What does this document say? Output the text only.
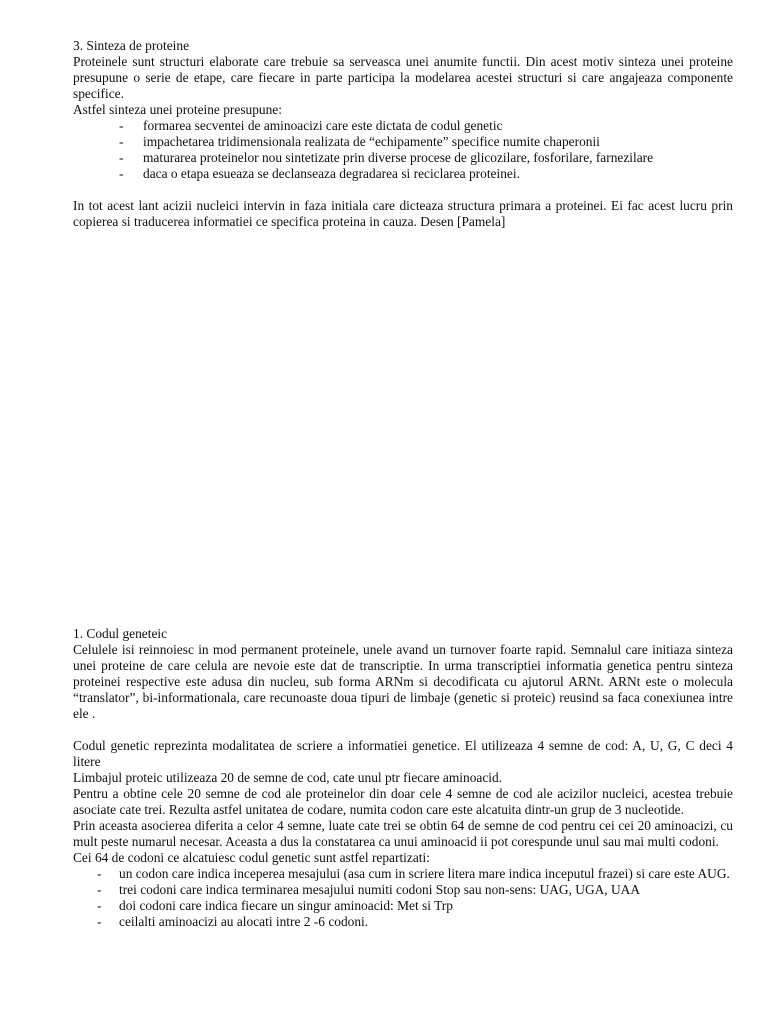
3. Sinteza de proteine

Proteinele sunt structuri elaborate care trebuie sa serveasca unei anumite functii. Din acest motiv sinteza unei proteine presupune o serie de etape, care fiecare in parte participa la modelarea acestei structuri si care angajeaza componente specifice.

Astfel sinteza unei proteine presupune:

- formarea secventei de aminoacizi care este dictata de codul genetic
- impachetarea tridimensionala realizata de “echipamente” specifice numite chaperonii
- maturarea proteinelor nou sintetizate prin diverse procese de glicozilare, fosforilare, farnezilare
- daca o etapa esueaza se declanseaza degradarea si reciclarea proteinei.

In tot acest lant acizii nucleici intervin in faza initiala care dicteaza structura primara a proteinei. Ei fac acest lucru prin copierea si traducerea informatiei ce specifica proteina in cauza. Desen [Pamela]

1. Codul geneteic

Celulele isi reinnoiesc in mod permanent proteinele, unele avand un turnover foarte rapid. Semnalul care initiaza sinteza unei proteine de care celula are nevoie este dat de transcriptie. In urma transcriptiei informatia genetica pentru sinteza proteinei respective este adusa din nucleu, sub forma ARNm si decodificata cu ajutorul ARNt. ARNt este o molecula “translator”, bi-informationala, care recunoaste doua tipuri de limbaje (genetic si proteic) reusind sa faca conexiunea intre ele .

Codul genetic reprezinta modalitatea de scriere a informatiei genetice. El utilizeaza 4 semne de cod: A, U, G, C deci 4 litere

Limbajul proteic utilizeaza 20 de semne de cod, cate unul ptr fiecare aminoacid.

Pentru a obtine cele 20 semne de cod ale proteinelor din doar cele 4 semne de cod ale acizilor nucleici, acestea trebuie asociate cate trei. Rezulta astfel unitatea de codare, numita codon care este alcatuita dintr-un grup de 3 nucleotide.

Prin aceasta asocierea diferita a celor 4 semne, luate cate trei se obtin 64 de semne de cod pentru cei cei 20 aminoacizi, cu mult peste numarul necesar. Aceasta a dus la constatarea ca unui aminoacid ii pot corespunde unul sau mai multi codoni.

Cei 64 de codoni ce alcatuiesc codul genetic sunt astfel repartizati:

- un codon care indica inceperea mesajului (asa cum in scriere litera mare indica inceputul frazei) si care este AUG.
- trei codoni care indica terminarea mesajului numiti codoni Stop sau non-sens: UAG, UGA, UAA
- doi codoni care indica fiecare un singur aminoacid: Met si Trp
- ceilalti aminoacizi au alocati intre 2 -6 codoni.
